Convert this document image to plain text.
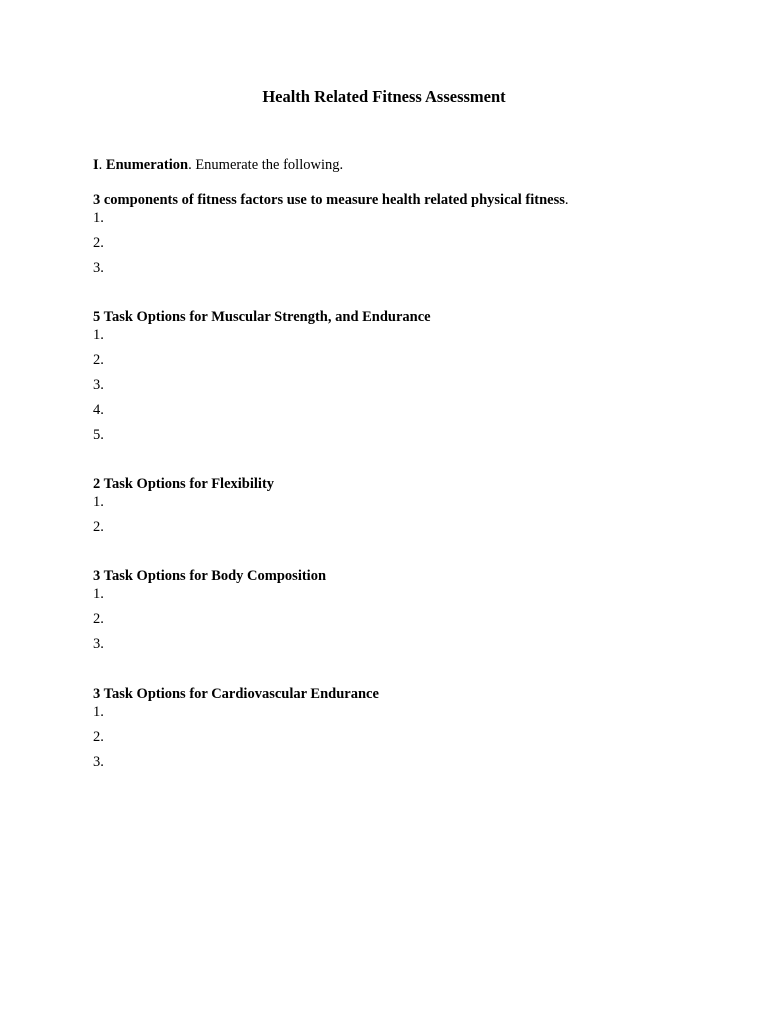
Health Related Fitness Assessment
I. Enumeration. Enumerate the following.
3 components of fitness factors use to measure health related physical fitness.
1.
2.
3.
5 Task Options for Muscular Strength, and Endurance
1.
2.
3.
4.
5.
2 Task Options for Flexibility
1.
2.
3 Task Options for Body Composition
1.
2.
3.
3 Task Options for Cardiovascular Endurance
1.
2.
3.
